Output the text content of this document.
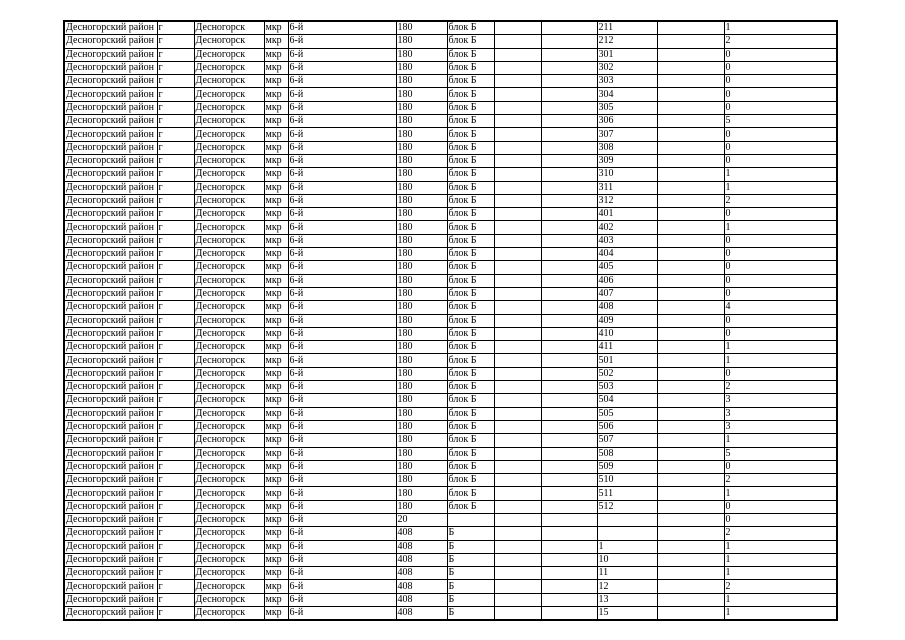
Десногорский район	г	Десногорск	мкр	6-й	180	блок Б			211		1
Десногорский район	г	Десногорск	мкр	6-й	180	блок Б			212		2
Десногорский район	г	Десногорск	мкр	6-й	180	блок Б			301		0
Десногорский район	г	Десногорск	мкр	6-й	180	блок Б			302		0
Десногорский район	г	Десногорск	мкр	6-й	180	блок Б			303		0
Десногорский район	г	Десногорск	мкр	6-й	180	блок Б			304		0
Десногорский район	г	Десногорск	мкр	6-й	180	блок Б			305		0
Десногорский район	г	Десногорск	мкр	6-й	180	блок Б			306		5
Десногорский район	г	Десногорск	мкр	6-й	180	блок Б			307		0
Десногорский район	г	Десногорск	мкр	6-й	180	блок Б			308		0
Десногорский район	г	Десногорск	мкр	6-й	180	блок Б			309		0
Десногорский район	г	Десногорск	мкр	6-й	180	блок Б			310		1
Десногорский район	г	Десногорск	мкр	6-й	180	блок Б			311		1
Десногорский район	г	Десногорск	мкр	6-й	180	блок Б			312		2
Десногорский район	г	Десногорск	мкр	6-й	180	блок Б			401		0
Десногорский район	г	Десногорск	мкр	6-й	180	блок Б			402		1
Десногорский район	г	Десногорск	мкр	6-й	180	блок Б			403		0
Десногорский район	г	Десногорск	мкр	6-й	180	блок Б			404		0
Десногорский район	г	Десногорск	мкр	6-й	180	блок Б			405		0
Десногорский район	г	Десногорск	мкр	6-й	180	блок Б			406		0
Десногорский район	г	Десногорск	мкр	6-й	180	блок Б			407		0
Десногорский район	г	Десногорск	мкр	6-й	180	блок Б			408		4
Десногорский район	г	Десногорск	мкр	6-й	180	блок Б			409		0
Десногорский район	г	Десногорск	мкр	6-й	180	блок Б			410		0
Десногорский район	г	Десногорск	мкр	6-й	180	блок Б			411		1
Десногорский район	г	Десногорск	мкр	6-й	180	блок Б			501		1
Десногорский район	г	Десногорск	мкр	6-й	180	блок Б			502		0
Десногорский район	г	Десногорск	мкр	6-й	180	блок Б			503		2
Десногорский район	г	Десногорск	мкр	6-й	180	блок Б			504		3
Десногорский район	г	Десногорск	мкр	6-й	180	блок Б			505		3
Десногорский район	г	Десногорск	мкр	6-й	180	блок Б			506		3
Десногорский район	г	Десногорск	мкр	6-й	180	блок Б			507		1
Десногорский район	г	Десногорск	мкр	6-й	180	блок Б			508		5
Десногорский район	г	Десногорск	мкр	6-й	180	блок Б			509		0
Десногорский район	г	Десногорск	мкр	6-й	180	блок Б			510		2
Десногорский район	г	Десногорск	мкр	6-й	180	блок Б			511		1
Десногорский район	г	Десногорск	мкр	6-й	180	блок Б			512		0
Десногорский район	г	Десногорск	мкр	6-й	20						0
Десногорский район	г	Десногорск	мкр	6-й	408	Б					2
Десногорский район	г	Десногорск	мкр	6-й	408	Б			1		1
Десногорский район	г	Десногорск	мкр	6-й	408	Б			10		1
Десногорский район	г	Десногорск	мкр	6-й	408	Б			11		1
Десногорский район	г	Десногорск	мкр	6-й	408	Б			12		2
Десногорский район	г	Десногорск	мкр	6-й	408	Б			13		1
Десногорский район	г	Десногорск	мкр	6-й	408	Б			15		1
